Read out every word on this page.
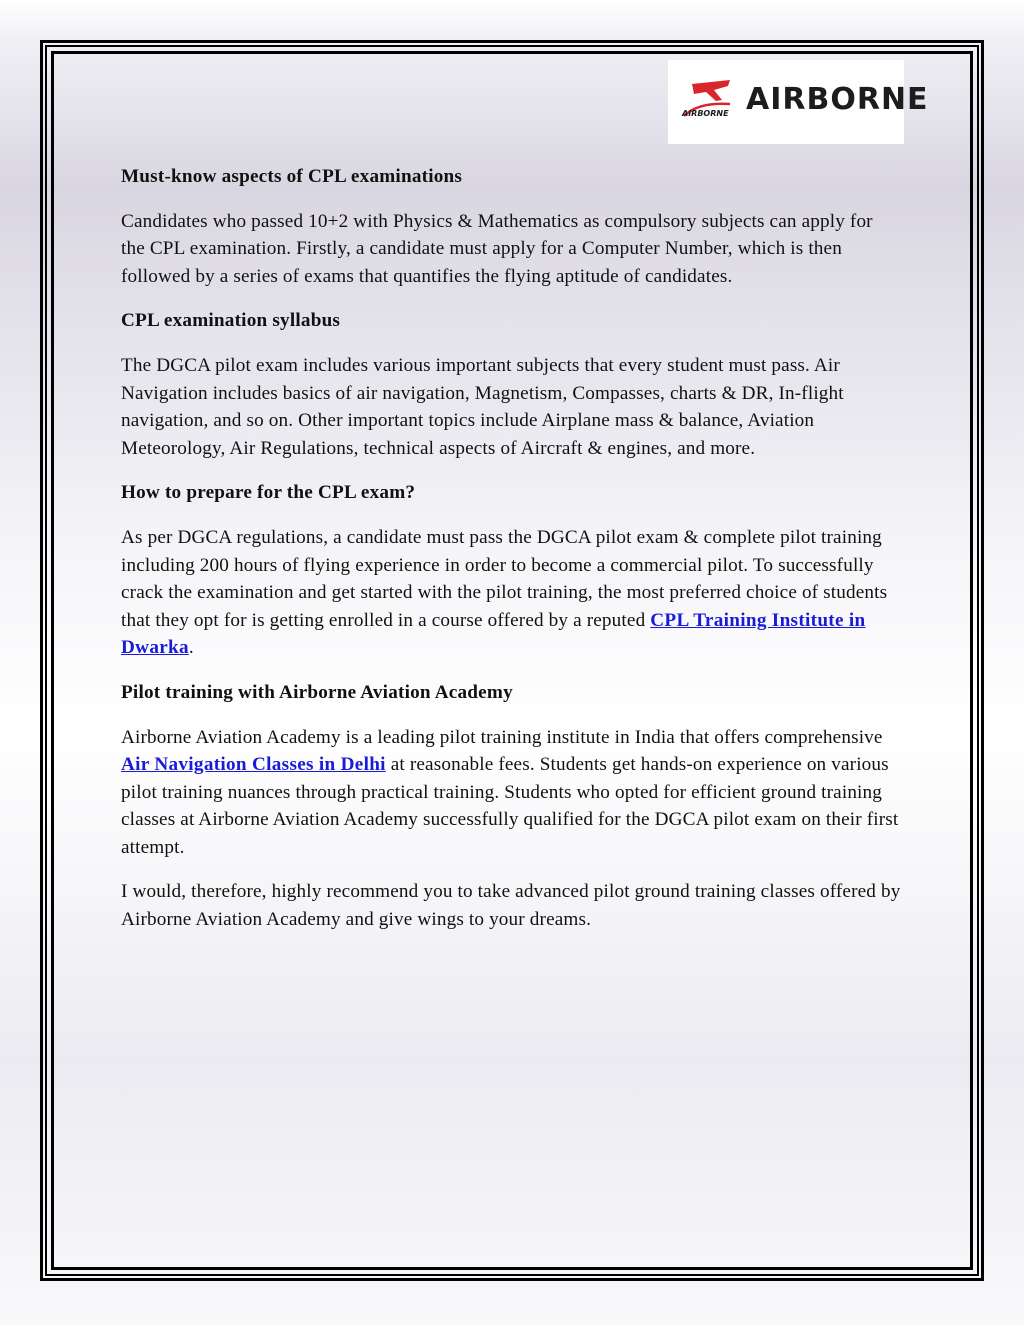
AIRBORNE AIRBORNE
Must-know aspects of CPL examinations

Candidates who passed 10+2 with Physics & Mathematics as compulsory subjects can apply for the CPL examination. Firstly, a candidate must apply for a Computer Number, which is then followed by a series of exams that quantifies the flying aptitude of candidates.

CPL examination syllabus

The DGCA pilot exam includes various important subjects that every student must pass. Air Navigation includes basics of air navigation, Magnetism, Compasses, charts & DR, In-flight navigation, and so on. Other important topics include Airplane mass & balance, Aviation Meteorology, Air Regulations, technical aspects of Aircraft & engines, and more.

How to prepare for the CPL exam?

As per DGCA regulations, a candidate must pass the DGCA pilot exam & complete pilot training including 200 hours of flying experience in order to become a commercial pilot. To successfully crack the examination and get started with the pilot training, the most preferred choice of students that they opt for is getting enrolled in a course offered by a reputed CPL Training Institute in Dwarka.

Pilot training with Airborne Aviation Academy

Airborne Aviation Academy is a leading pilot training institute in India that offers comprehensive Air Navigation Classes in Delhi at reasonable fees. Students get hands-on experience on various pilot training nuances through practical training. Students who opted for efficient ground training classes at Airborne Aviation Academy successfully qualified for the DGCA pilot exam on their first attempt.

I would, therefore, highly recommend you to take advanced pilot ground training classes offered by Airborne Aviation Academy and give wings to your dreams.
